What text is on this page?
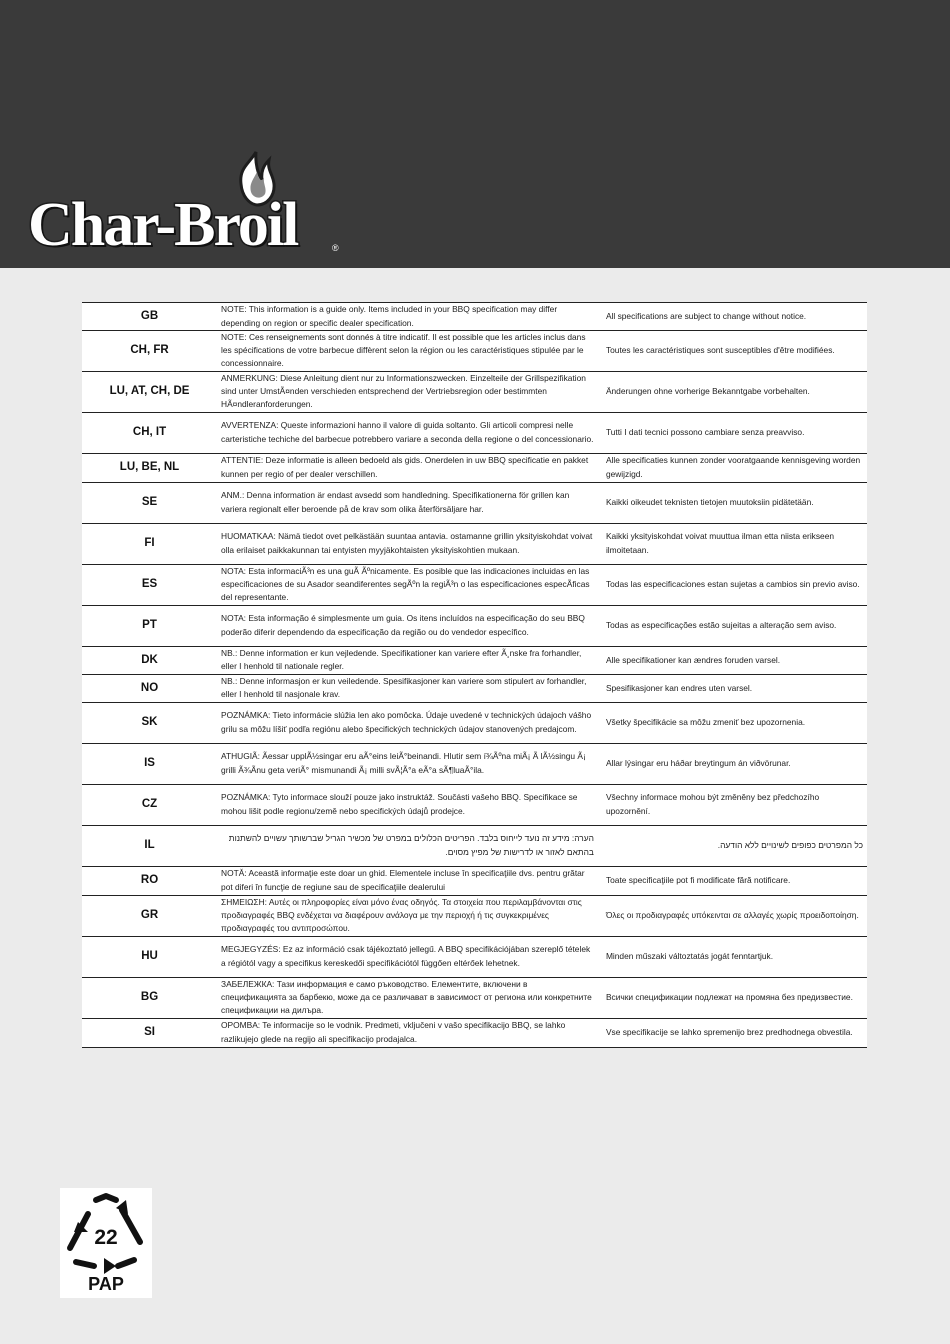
Char-Broil	®
GB	NOTE: This information is a guide only. Items included in your BBQ specification may differ depending on region or specific dealer specification.	All specifications are subject to change without notice.
CH, FR	NOTE: Ces renseignements sont donnés à titre indicatif. Il est possible que les articles inclus dans les spécifications de votre barbecue diffèrent selon la région ou les caractéristiques stipulée par le concessionnaire.	Toutes les caractéristiques sont susceptibles d'être modifiées.
LU, AT, CH, DE	ANMERKUNG: Diese Anleitung dient nur zu Informationszwecken. Einzelteile der Grillspezifikation sind unter UmstÃ¤nden verschieden entsprechend der Vertriebsregion oder bestimmten HÃ¤ndleranforderungen.	Änderungen ohne vorherige Bekanntgabe vorbehalten.
CH, IT	AVVERTENZA: Queste informazioni hanno il valore di guida soltanto. Gli articoli compresi nelle carteristiche techiche del barbecue potrebbero variare a seconda della regione o del concessionario.	Tutti I dati tecnici possono cambiare senza preavviso.
LU, BE, NL	ATTENTIE: Deze informatie is alleen bedoeld als gids. Onerdelen in uw BBQ specificatie en pakket kunnen per regio of per dealer verschillen.	Alle specificaties kunnen zonder vooratgaande kennisgeving worden gewijzigd.
SE	ANM.: Denna information är endast avsedd som handledning. Specifikationerna för grillen kan variera regionalt eller beroende på de krav som olika återförsäljare har.	Kaikki oikeudet teknisten tietojen muutoksiin pidätetään.
FI	HUOMATKAA: Nämä tiedot ovet pelkästään suuntaa antavia. ostamanne grillin yksityiskohdat voivat olla erilaiset paikkakunnan tai entyisten myyjäkohtaisten yksityiskohtien mukaan.	Kaikki yksityiskohdat voivat muuttua ilman etta niista erikseen ilmoitetaan.
ES	NOTA: Esta informaciÃ³n es una guÃ Ãºnicamente. Es posible que las indicaciones incluidas en las especificaciones de su Asador seandiferentes segÃºn la regiÃ³n o las especificaciones especÃficas del representante.	Todas las especificaciones estan sujetas a cambios sin previo aviso.
PT	NOTA: Esta informação é simplesmente um guia. Os itens incluídos na especificação do seu BBQ poderão diferir dependendo da especificação da região ou do vendedor específico.	Todas as especificações estão sujeitas a alteração sem aviso.
DK	NB.: Denne information er kun vejledende. Specifikationer kan variere efter Ã¸nske fra forhandler, eller I henhold til nationale regler.	Alle specifikationer kan ændres foruden varsel.
NO	NB.: Denne informasjon er kun veiledende. Spesifikasjoner kan variere som stipulert av forhandler, eller I henhold til nasjonale krav.	Spesifikasjoner kan endres uten varsel.
SK	POZNÁMKA: Tieto informácie slúžia len ako pomôcka. Údaje uvedené v technických údajoch vášho grilu sa môžu líšiť podľa regiónu alebo špecifických technických údajov stanovených predajcom.	Všetky špecifikácie sa môžu zmeniť bez upozornenia.
IS	ATHUGIÃ: Ãessar upplÃ½singar eru aÃ°eins leiÃ°beinandi. Hlutir sem í¾Ãºna miÃ¡ Ã lÃ½singu Ã¡ grilli Ã¾Ãnu geta veriÃ° mismunandi Ã¡ milli svÃ¦Ã°a eÃ°a sÃ¶luaÃ°ila.	Allar lýsingar eru háðar breytingum án viðvörunar.
CZ	POZNÁMKA: Tyto informace slouží pouze jako instruktáž. Součásti vašeho BBQ. Specifikace se mohou lišit podle regionu/země nebo specifických údajů prodejce.	Všechny informace mohou být změněny bez předchozího upozornění.
IL	הערה: מידע זה נועד לייחוס בלבד. הפריטים הכלולים במפרט של מכשיר הגריל שברשותך עשויים להשתנות בהתאם לאזור או לדרישות של מפיץ מסוים.	כל המפרטים כפופים לשינויים ללא הודעה.
RO	NOTĂ: Această informaţie este doar un ghid. Elementele incluse în specificaţiile dvs. pentru grătar pot diferi în funcţie de regiune sau de specificaţiile dealerului	Toate specificaţiile pot fi modificate fără notificare.
GR	ΣΗΜΕΙΩΣΗ: Αυτές οι πληροφορίες είναι μόνο ένας οδηγός. Τα στοιχεία που περιλαμβάνονται στις προδιαγραφές BBQ ενδέχεται να διαφέρουν ανάλογα με την περιοχή ή τις συγκεκριμένες προδιαγραφές του αντιπροσώπου.	Όλες οι προδιαγραφές υπόκεινται σε αλλαγές χωρίς προειδοποίηση.
HU	MEGJEGYZÉS: Ez az információ csak tájékoztató jellegű. A BBQ specifikációjában szereplő tételek a régiótól vagy a specifikus kereskedői specifikációtól függően eltérőek lehetnek.	Minden műszaki változtatás jogát fenntartjuk.
BG	ЗАБЕЛЕЖКА: Тази информация е само ръководство. Елементите, включени в спецификацията за барбекю, може да се различават в зависимост от региона или конкретните спецификации на дилъра.	Всички спецификации подлежат на промяна без предизвестие.
SI	OPOMBA: Te informacije so le vodnik. Predmeti, vključeni v vašo specifikacijo BBQ, se lahko razlikujejo glede na regijo ali specifikacijo prodajalca.	Vse specifikacije se lahko spremenijo brez predhodnega obvestila.
22
PAP
